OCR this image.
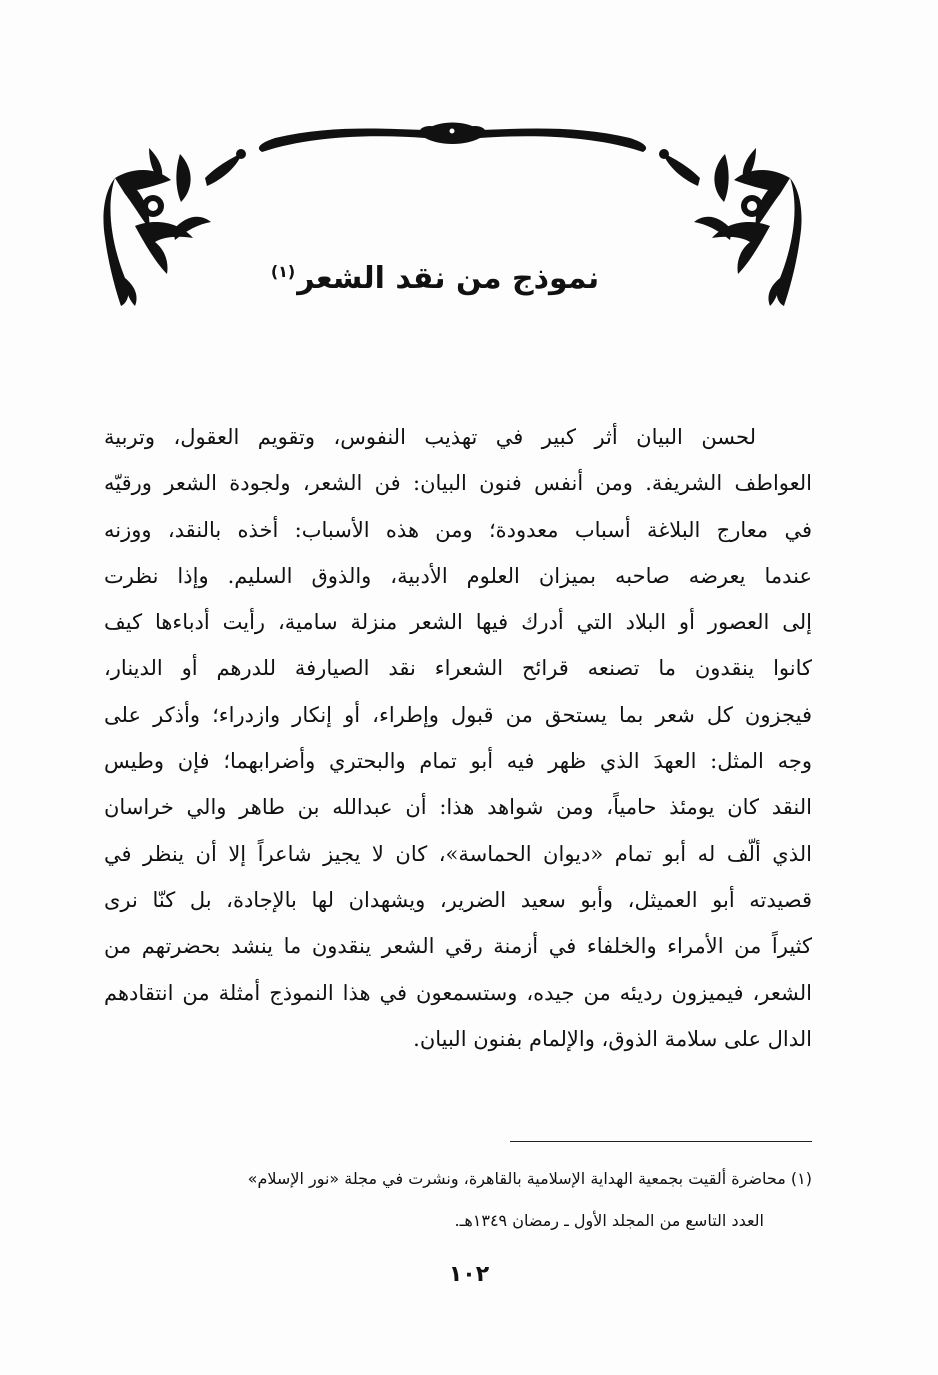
نموذج من نقد الشعر$^{(١)}$
لحسن البيان أثر كبير في تهذيب النفوس، وتقويم العقول، وتربية
العواطف الشريفة. ومن أنفس فنون البيان: فن الشعر، ولجودة الشعر ورقيّه
في معارج البلاغة أسباب معدودة؛ ومن هذه الأسباب: أخذه بالنقد، ووزنه
عندما يعرضه صاحبه بميزان العلوم الأدبية، والذوق السليم. وإذا نظرت
إلى العصور أو البلاد التي أدرك فيها الشعر منزلة سامية، رأيت أدباءها كيف
كانوا ينقدون ما تصنعه قرائح الشعراء نقد الصيارفة للدرهم أو الدينار،
فيجزون كل شعر بما يستحق من قبول وإطراء، أو إنكار وازدراء؛ وأذكر على
وجه المثل: العهدَ الذي ظهر فيه أبو تمام والبحتري وأضرابهما؛ فإن وطيس
النقد كان يومئذ حامياً، ومن شواهد هذا: أن عبدالله بن طاهر والي خراسان
الذي ألّف له أبو تمام «ديوان الحماسة»، كان لا يجيز شاعراً إلا أن ينظر في
قصيدته أبو العميثل، وأبو سعيد الضرير، ويشهدان لها بالإجادة، بل كنّا نرى
كثيراً من الأمراء والخلفاء في أزمنة رقي الشعر ينقدون ما ينشد بحضرتهم من
الشعر، فيميزون رديئه من جيده، وستسمعون في هذا النموذج أمثلة من انتقادهم
الدال على سلامة الذوق، والإلمام بفنون البيان.
(١) محاضرة ألقيت بجمعية الهداية الإسلامية بالقاهرة، ونشرت في مجلة «نور الإسلام»
العدد التاسع من المجلد الأول ـ رمضان ١٣٤٩هـ.
١٠٢
